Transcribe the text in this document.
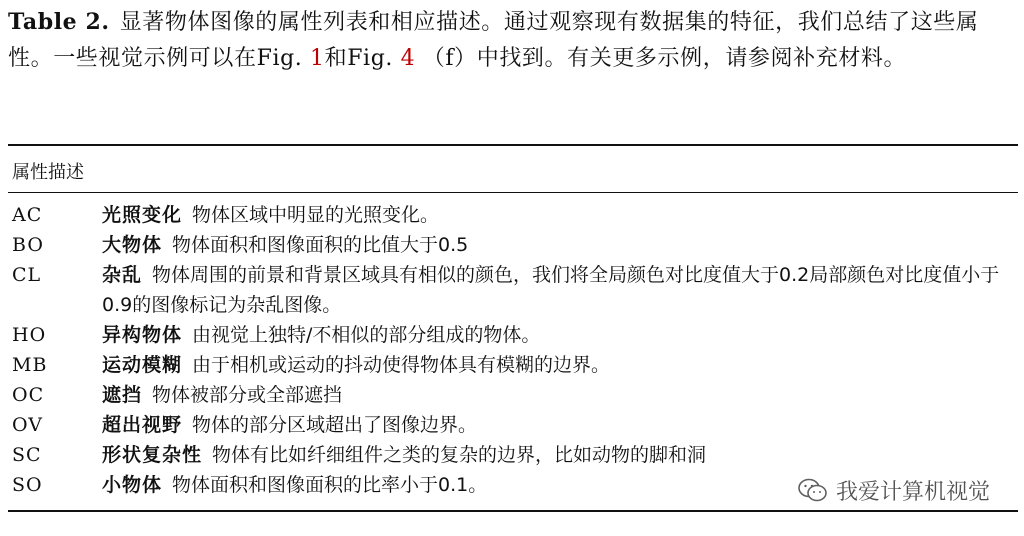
Table 2. 显著物体图像的属性列表和相应描述。通过观察现有数据集的特征，我们总结了这些属性。一些视觉示例可以在Fig. 1和Fig. 4 （f）中找到。有关更多示例，请参阅补充材料。
属性描述
AC	光照变化 物体区域中明显的光照变化。
BO	大物体 物体面积和图像面积的比值大于0.5
CL	杂乱 物体周围的前景和背景区域具有相似的颜色，我们将全局颜色对比度值大于0.2局部颜色对比度值小于0.9的图像标记为杂乱图像。
HO	异构物体 由视觉上独特/不相似的部分组成的物体。
MB	运动模糊 由于相机或运动的抖动使得物体具有模糊的边界。
OC	遮挡 物体被部分或全部遮挡
OV	超出视野 物体的部分区域超出了图像边界。
SC	形状复杂性 物体有比如纤细组件之类的复杂的边界，比如动物的脚和洞
SO	小物体 物体面积和图像面积的比率小于0.1。	我爱计算机视觉
